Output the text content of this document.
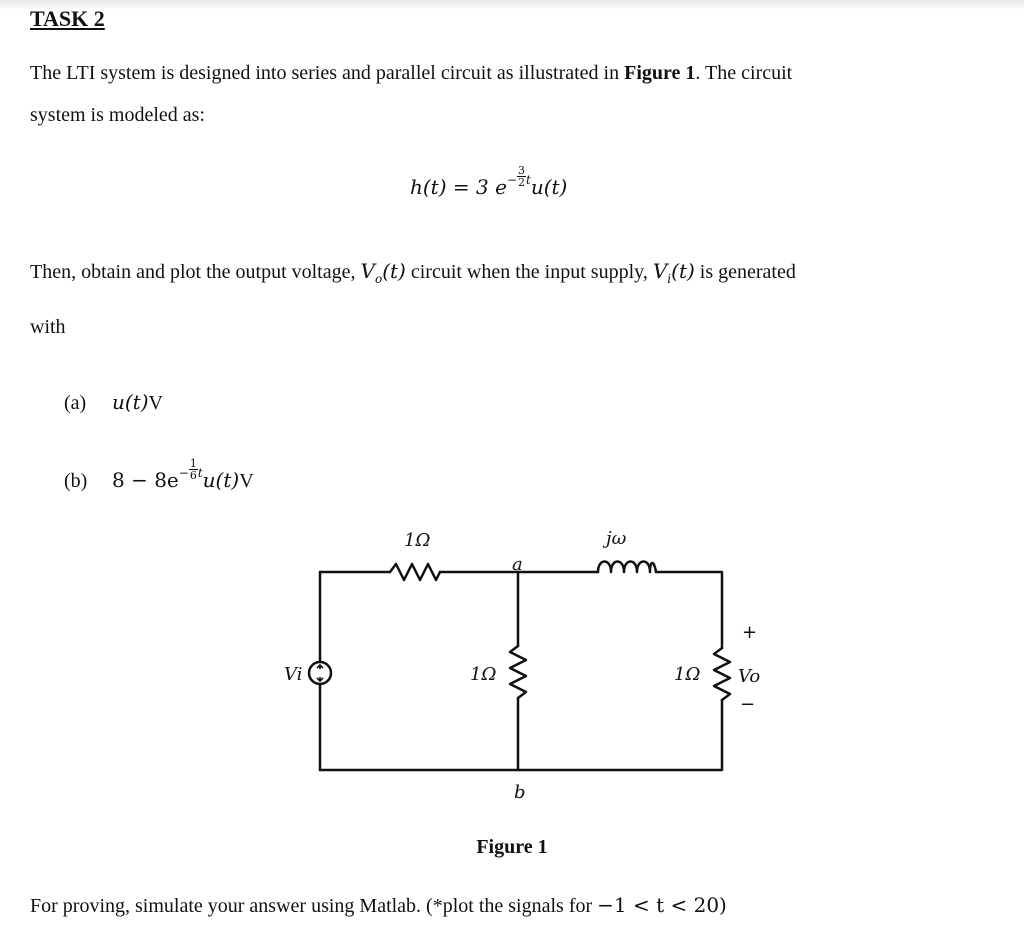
TASK 2
The LTI system is designed into series and parallel circuit as illustrated in Figure 1. The circuit
system is modeled as:
h(t) = 3 $e^- \frac{3}{2} ^tu(t)$
Then, obtain and plot the output voltage, $V_o(t)$ circuit when the input supply, $V_i(t)$ is generated
with
(a) u(t)V
(b) $8 - 8e^- \frac{1}{6} ^tu(t)V$
1Ω	jω
a
1Ω	1Ω
Vi	Vo
+
−
b
Figure 1
For proving, simulate your answer using Matlab. (*plot the signals for −1 < t < 20)
